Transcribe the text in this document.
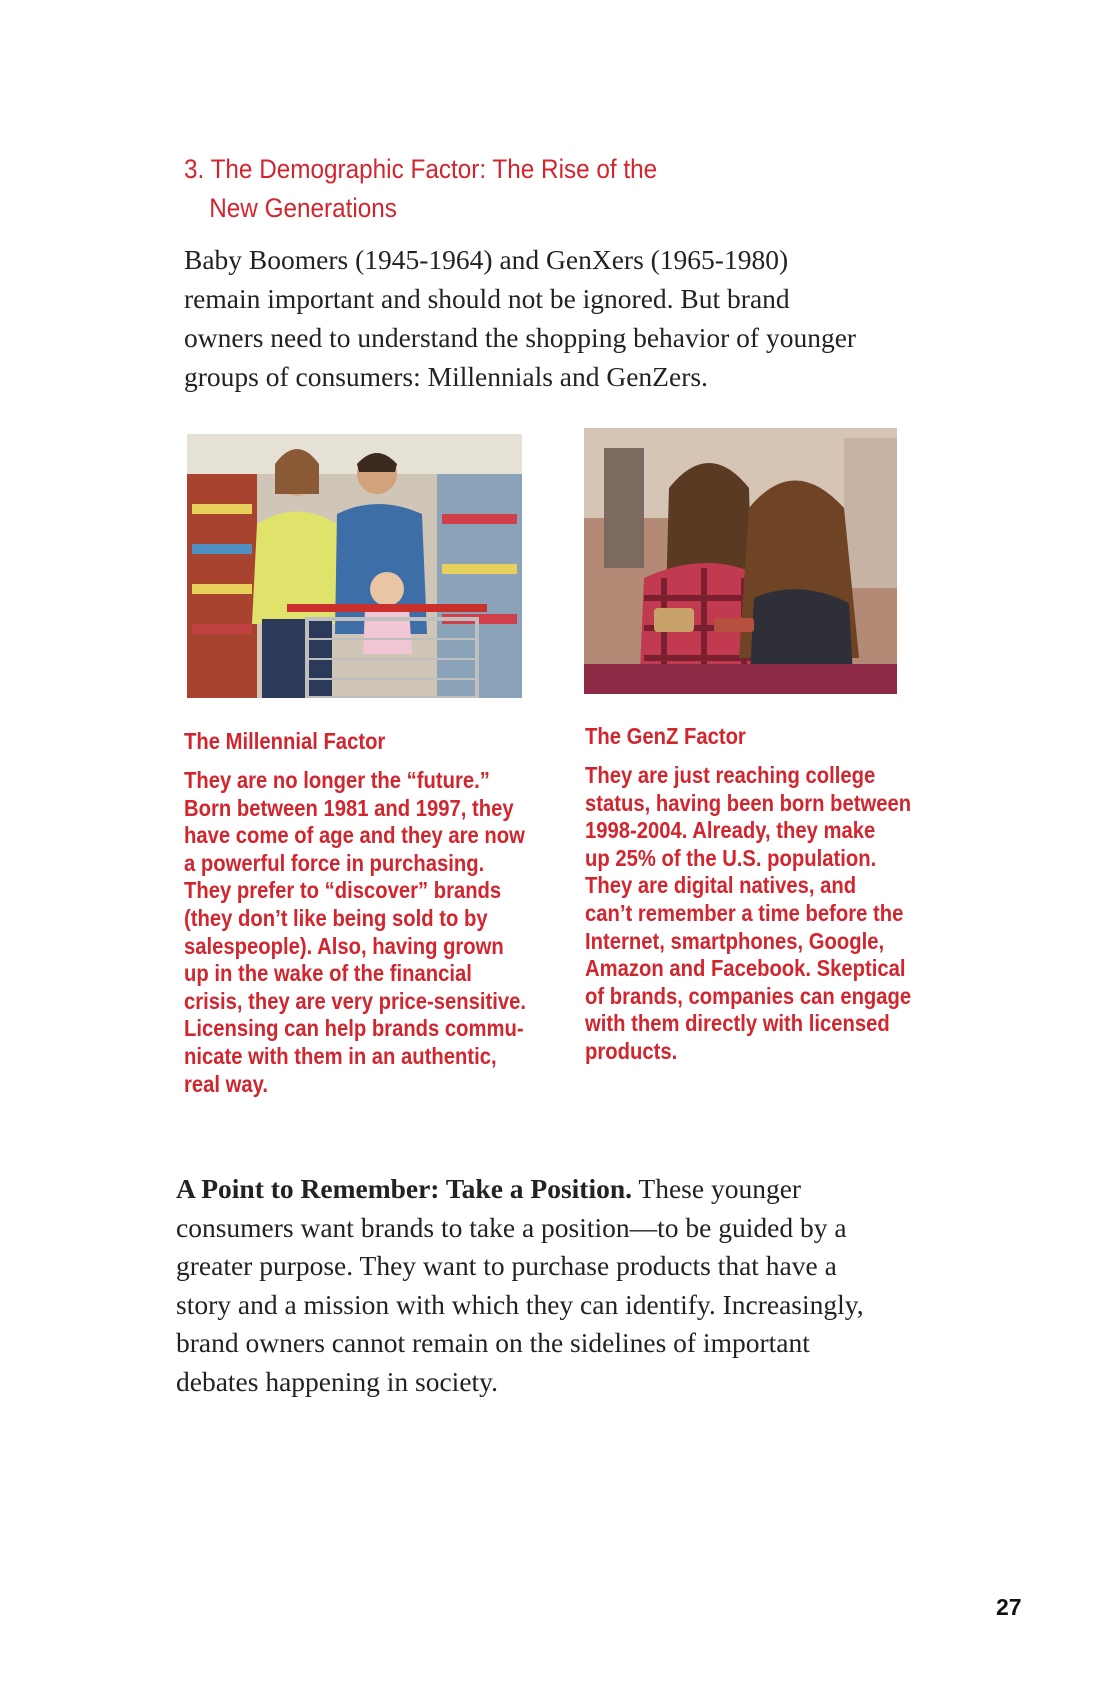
3. The Demographic Factor: The Rise of the
New Generations

Baby Boomers (1945-1964) and GenXers (1965-1980) remain important and should not be ignored. But brand owners need to understand the shopping behavior of younger groups of consumers: Millennials and GenZers.

The Millennial Factor

They are no longer the “future.”
Born between 1981 and 1997, they
have come of age and they are now
a powerful force in purchasing.
They prefer to “discover” brands
(they don’t like being sold to by
salespeople). Also, having grown
up in the wake of the financial
crisis, they are very price-sensitive.
Licensing can help brands commu-
nicate with them in an authentic,
real way.

The GenZ Factor

They are just reaching college
status, having been born between
1998-2004. Already, they make
up 25% of the U.S. population.
They are digital natives, and
can’t remember a time before the
Internet, smartphones, Google,
Amazon and Facebook. Skeptical
of brands, companies can engage
with them directly with licensed
products.

A Point to Remember: Take a Position. These younger consumers want brands to take a position—to be guided by a greater purpose. They want to purchase products that have a story and a mission with which they can identify. Increasingly, brand owners cannot remain on the sidelines of important debates happening in society.

27
